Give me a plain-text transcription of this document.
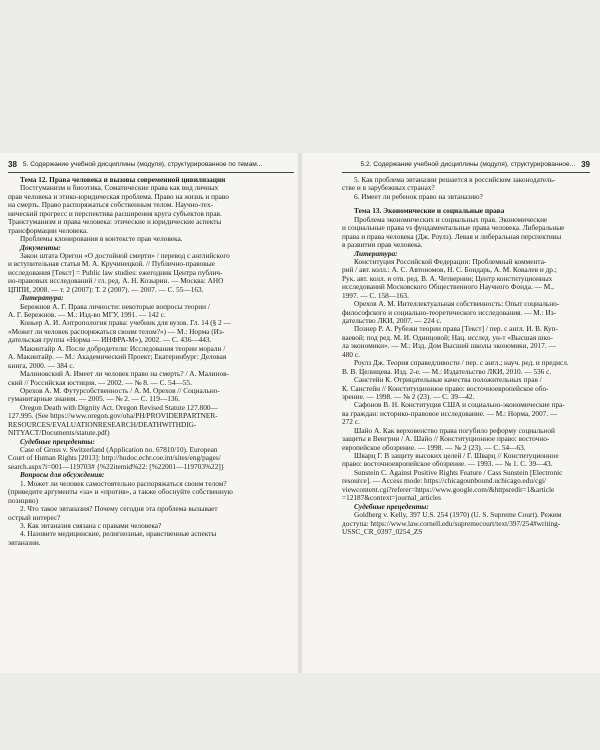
38 5. Содержание учебной дисциплины (модуля), структурированное по темам...
Тема 12. Права человека и вызовы современной цивилизации
Постгуманизм и биоэтика. Соматические права как вид личных
прав человека и этико-юридическая проблема. Право на жизнь и право
на смерть. Право распоряжаться собственным телом. Научно-тех-
нический прогресс и перспектива расширения круга субъектов прав.
Трансгуманизм и права человека: этические и юридические аспекты
трансформации человека.
Проблемы клонирования в контексте прав человека.
Документы:
Закон штата Орегон «О достойной смерти» / перевод с английского
и вступительная статья М. А. Кручинецкой. // Публично-правовые
исследования [Текст] = Public law studies: ежегодник Центра публич-
но-правовых исследований / гл. ред. А. Н. Козырин. — Москва: АНО
ЦППИ, 2008. — т. 2 (2007): Т. 2 (2007). — 2007. — С. 55—163.
Литература:
Бережнов А. Г. Права личности: некоторые вопросы теории /
А. Г. Бережнов. — М.: Изд-во МГУ, 1991. — 142 с.
Коньер А. И. Антропология права: учебник для вузов. Гл. 14 (§ 2 —
«Может ли человек распоряжаться своим телом?») — М.: Норма (Из-
дательская группа «Норма — ИНФРА-М»), 2002. — С. 436—443.
Макинтайр А. После добродетели: Исследования теории морали /
А. Макинтайр. — М.: Академический Проект; Екатеринбург: Деловая
книга, 2000. — 384 с.
Малиновский А. Имеет ли человек право на смерть? / А. Малинов-
ский // Российская юстиция. — 2002. — № 8. — С. 54—55.
Орехов А. М. Футурсобственность / А. М. Орехов // Социально-
гуманитарные знания. — 2005. — № 2. — С. 119—136.
Oregon Death with Dignity Act. Oregon Revised Statute 127.800—
127.995. (See https://www.oregon.gov/oha/PH/PROVIDERPARTNER-
RESOURCES/EVALUATIONRESEARCH/DEATHWITHDIG-
NITYACT/Documents/statute.pdf)
Судебные прецеденты:
Case of Gross v. Switzerland (Application no. 67810/10). European
Court of Human Rights [2013]: http://hudoc.echr.coe.int/sites/eng/pages/
search.aspx?i=001—119703# {%22itemid%22: [%22001—119703%22]}
Вопросы для обсуждения:
1. Может ли человек самостоятельно распоряжаться своим телом?
(приведите аргументы «за» и «против», а также обоснуйте собственную
позицию)
2. Что такое эвтаназия? Почему сегодня эта проблема вызывает
острый интерес?
3. Как эвтаназия связана с правами человека?
4. Назовите медицинские, религиозные, нравственные аспекты
эвтаназии.
5.2. Содержание учебной дисциплины (модуля), структурированное... 39
5. Как проблема эвтаназии решается в российском законодатель-
стве и в зарубежных странах?
6. Имеет ли ребенок право на эвтаназию?
Тема 13. Экономические и социальные права
Проблема экономических и социальных прав. Экономические
и социальные права vs фундаментальные права человека. Либеральные
права и права человека (Дж. Роулз). Левая и либеральная перспективы
в развитии прав человека.
Литература:
Конституция Российской Федерации: Проблемный коммента-
рий / авт. колл.: А. С. Автономов, Н. С. Бондарь, А. М. Ковалев и др.;
Рук. авт. колл. и отв. ред. В. А. Четвернин; Центр конституционных
исследований Московского Общественного Научного Фонда. — М.,
1997. — С. 158—163.
Орехов А. М. Интеллектуальная собственность: Опыт социально-
философского и социально-теоретического исследования. — М.: Из-
дательство ЛКИ, 2007. — 224 с.
Познер Р. А. Рубежи теории права [Текст] / пер. с англ. И. В. Куп-
ваевой; под ред. М. И. Одинцовой; Нац. исслед. ун-т «Высшая шко-
ла экономики». — М.: Изд. Дом Высшей школы экономики, 2017. —
480 с.
Роулз Дж. Теория справедливости / пер. с англ.; науч. ред. и предисл.
В. В. Целищева. Изд. 2-е. — М.: Издательство ЛКИ, 2010. — 536 с.
Санстейн К. Отрицательные качества положительных прав /
К. Санстейн // Конституционное право: восточноевропейское обо-
зрение. — 1998. — № 2 (23). — С. 39—42.
Сафонов В. Н. Конституция США и социально-экономические пра-
ва граждан: историко-правовое исследование. — М.: Норма, 2007. —
272 с.
Шайо А. Как верховенство права погубило реформу социальной
защиты в Венгрии / А. Шайо // Конституционное право: восточно-
европейское обозрение. — 1998. — № 2 (23). — С. 54—63.
Шварц Г. В защиту высоких целей / Г. Шварц // Конституционное
право: восточноевропейское обозрение. — 1993. — № 1. С. 39—43.
Sunstein C. Against Positive Rights Feature / Cass Sunstein [Electronic
resource]. — Access mode: https://chicagounbound.uchicago.edu/cgi/
viewcontent.cgi?referer=https://www.google.com/&httpsredir=1&article
=12187&context=journal_articles
Судебные прецеденты:
Goldberg v. Kelly, 397 U.S. 254 (1970) (U. S. Supreme Court). Режим
доступа: https://www.law.cornell.edu/supremecourt/text/397/254#writing-
USSC_CR_0397_0254_ZS
